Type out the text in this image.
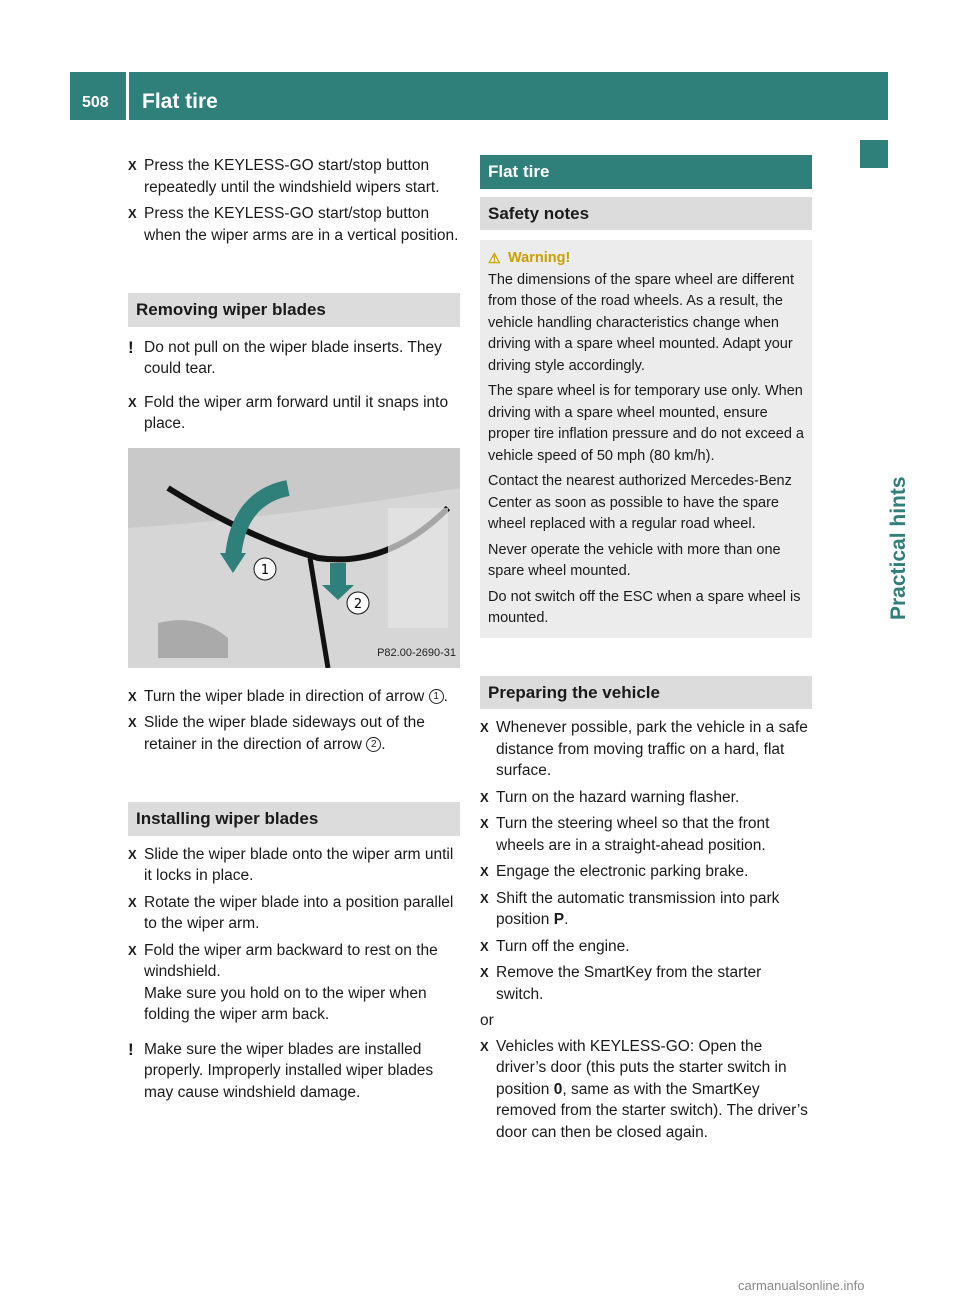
508 Flat tire
Practical hints
X Press the KEYLESS-GO start/stop button repeatedly until the windshield wipers start.
X Press the KEYLESS-GO start/stop button when the wiper arms are in a vertical position.
Removing wiper blades
! Do not pull on the wiper blade inserts. They could tear.
X Fold the wiper arm forward until it snaps into place.
1
2
P82.00-2690-31
X Turn the wiper blade in direction of arrow 1 .
X Slide the wiper blade sideways out of the retainer in the direction of arrow 2 .
Installing wiper blades
X Slide the wiper blade onto the wiper arm until it locks in place.
X Rotate the wiper blade into a position parallel to the wiper arm.
X Fold the wiper arm backward to rest on the windshield.
Make sure you hold on to the wiper when folding the wiper arm back.
! Make sure the wiper blades are installed properly. Improperly installed wiper blades may cause windshield damage.
Flat tire
Safety notes
⚠ Warning!

The dimensions of the spare wheel are different from those of the road wheels. As a result, the vehicle handling characteristics change when driving with a spare wheel mounted. Adapt your driving style accordingly.

The spare wheel is for temporary use only. When driving with a spare wheel mounted, ensure proper tire inflation pressure and do not exceed a vehicle speed of 50 mph (80 km/h).

Contact the nearest authorized Mercedes-Benz Center as soon as possible to have the spare wheel replaced with a regular road wheel.

Never operate the vehicle with more than one spare wheel mounted.

Do not switch off the ESC when a spare wheel is mounted.

Preparing the vehicle
X Whenever possible, park the vehicle in a safe distance from moving traffic on a hard, flat surface.
X Turn on the hazard warning flasher.
X Turn the steering wheel so that the front wheels are in a straight-ahead position.
X Engage the electronic parking brake.
X Shift the automatic transmission into park position P.
X Turn off the engine.
X Remove the SmartKey from the starter switch.
or
X Vehicles with KEYLESS-GO: Open the driver’s door (this puts the starter switch in position 0, same as with the SmartKey removed from the starter switch). The driver’s door can then be closed again.
carmanualsonline.info
